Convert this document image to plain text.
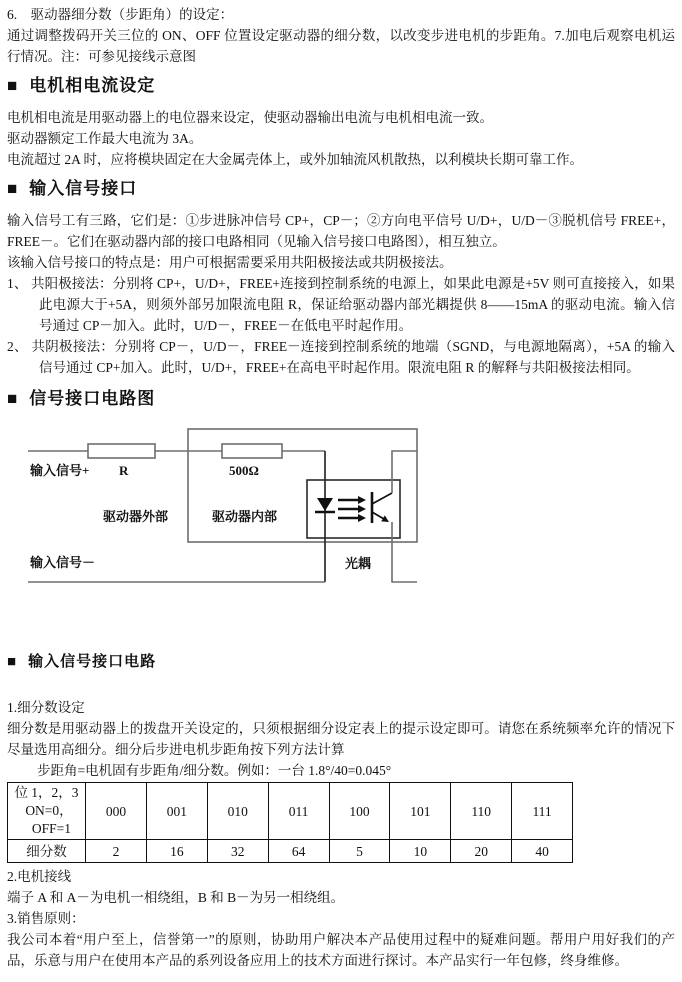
6.　驱动器细分数（步距角）的设定：

通过调整拨码开关三位的 ON、OFF 位置设定驱动器的细分数，以改变步进电机的步距角。7.加电后观察电机运行情况。注：可参见接线示意图

■ 电机相电流设定

电机相电流是用驱动器上的电位器来设定，使驱动器输出电流与电机相电流一致。

驱动器额定工作最大电流为 3A。

电流超过 2A 时，应将模块固定在大金属壳体上，或外加轴流风机散热，以利模块长期可靠工作。

■ 输入信号接口

输入信号工有三路，它们是：①步进脉冲信号 CP+，CP－；②方向电平信号 U/D+，U/D－③脱机信号 FREE+，FREE－。它们在驱动器内部的接口电路相同（见输入信号接口电路图），相互独立。

该输入信号接口的特点是：用户可根据需要采用共阳极接法或共阴极接法。

1、 共阳极接法：分别将 CP+，U/D+，FREE+连接到控制系统的电源上，如果此电源是+5V 则可直接接入，如果此电源大于+5A，则须外部另加限流电阻 R，保证给驱动器内部光耦提供 8——15mA 的驱动电流。输入信号通过 CP－加入。此时，U/D－，FREE－在低电平时起作用。

2、 共阴极接法：分别将 CP－，U/D－，FREE－连接到控制系统的地端（SGND，与电源地隔离），+5A 的输入信号通过 CP+加入。此时，U/D+，FREE+在高电平时起作用。限流电阻 R 的解释与共阳极接法相同。

■ 信号接口电路图
输入信号+ R	500Ω
驱动器外部	驱动器内部
输入信号－	光耦
■ 输入信号接口电路

1.细分数设定

细分数是用驱动器上的拨盘开关设定的，只须根据细分设定表上的提示设定即可。请您在系统频率允许的情况下尽量选用高细分。细分后步进电机步距角按下列方法计算

步距角=电机固有步距角/细分数。例如：一台 1.8°/40=0.045°

位 1，2，3
ON=0，
OFF=1	000	001	010	011	100	101	110	111
细分数	2	16	32	64	5	10	20	40

2.电机接线

端子 A 和 A－为电机一相绕组，B 和 B－为另一相绕组。

3.销售原则：

我公司本着“用户至上，信誉第一”的原则，协助用户解决本产品使用过程中的疑难问题。帮用户用好我们的产品，乐意与用户在使用本产品的系列设备应用上的技术方面进行探讨。本产品实行一年包修，终身维修。
